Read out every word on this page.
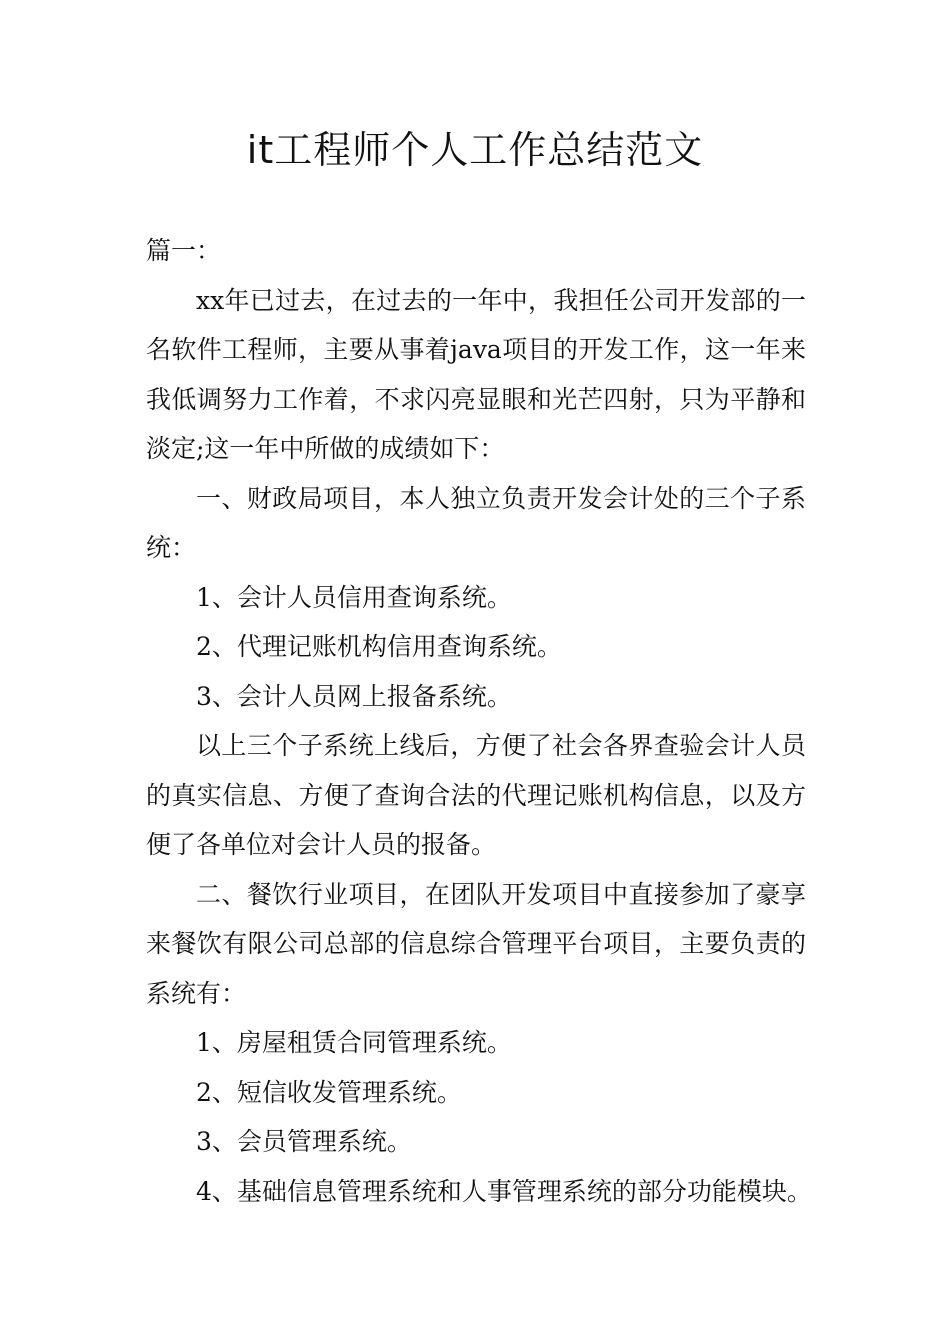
it工程师个人工作总结范文

篇一：

xx年已过去，在过去的一年中，我担任公司开发部的一名软件工程师，主要从事着java项目的开发工作，这一年来我低调努力工作着，不求闪亮显眼和光芒四射，只为平静和淡定;这一年中所做的成绩如下：

一、财政局项目，本人独立负责开发会计处的三个子系统：

1、会计人员信用查询系统。

2、代理记账机构信用查询系统。

3、会计人员网上报备系统。

以上三个子系统上线后，方便了社会各界查验会计人员的真实信息、方便了查询合法的代理记账机构信息，以及方便了各单位对会计人员的报备。

二、餐饮行业项目，在团队开发项目中直接参加了豪享来餐饮有限公司总部的信息综合管理平台项目，主要负责的系统有：

1、房屋租赁合同管理系统。

2、短信收发管理系统。

3、会员管理系统。

4、基础信息管理系统和人事管理系统的部分功能模块。
